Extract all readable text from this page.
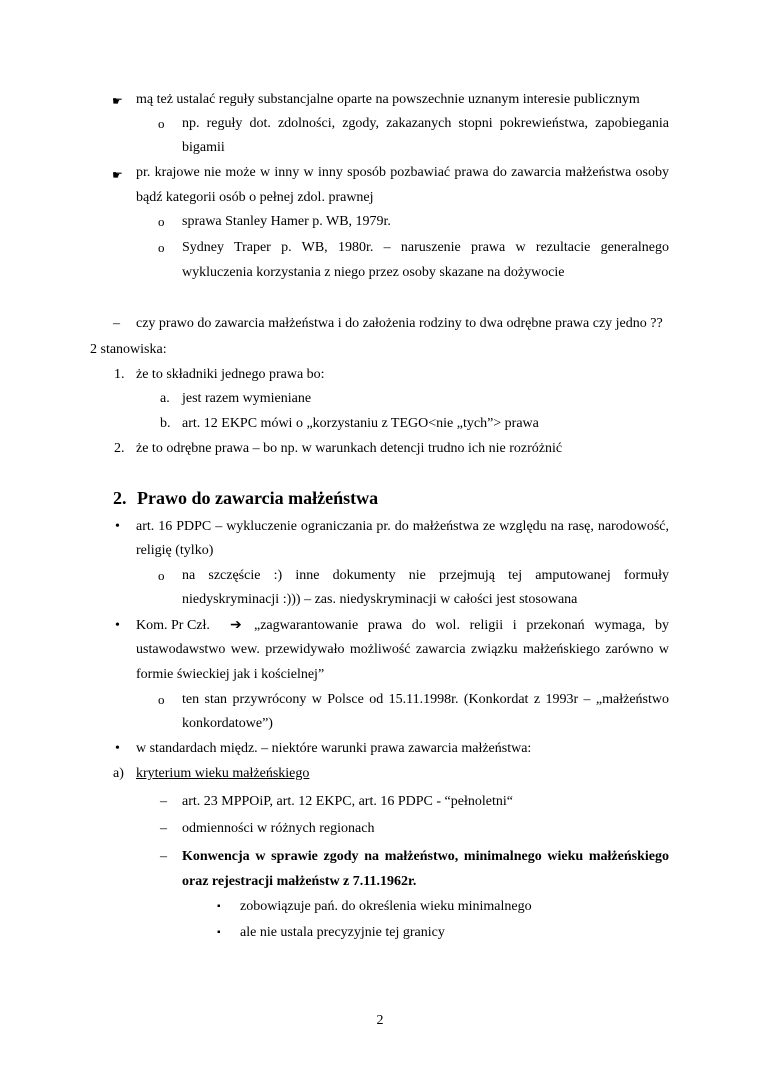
☛ mą też ustalać reguły substancjalne oparte na powszechnie uznanym interesie publicznym
o np. reguły dot. zdolności, zgody, zakazanych stopni pokrewieństwa, zapobiegania
bigamii
☛ pr. krajowe nie może w inny w inny sposób pozbawiać prawa do zawarcia małżeństwa osoby
bądź kategorii osób o pełnej zdol. prawnej
o sprawa Stanley Hamer p. WB, 1979r.
o Sydney Traper p. WB, 1980r. – naruszenie prawa w rezultacie generalnego
wykluczenia korzystania z niego przez osoby skazane na dożywocie
– czy prawo do zawarcia małżeństwa i do założenia rodziny to dwa odrębne prawa czy jedno ??
2 stanowiska:
1. że to składniki jednego prawa bo:
a. jest razem wymieniane
b. art. 12 EKPC mówi o „korzystaniu z TEGO<nie „tych”> prawa
2. że to odrębne prawa – bo np. w warunkach detencji trudno ich nie rozróżnić
2. Prawo do zawarcia małżeństwa
• art. 16 PDPC – wykluczenie ograniczania pr. do małżeństwa ze względu na rasę, narodowość,
religię (tylko)
o na szczęście :) inne dokumenty nie przejmują tej amputowanej formuły
niedyskryminacji :))) – zas. niedyskryminacji w całości jest stosowana
• Kom. Pr Czł. ➔ „zagwarantowanie prawa do wol. religii i przekonań wymaga, by
ustawodawstwo wew. przewidywało możliwość zawarcia związku małżeńskiego zarówno w
formie świeckiej jak i kościelnej”
o ten stan przywrócony w Polsce od 15.11.1998r. (Konkordat z 1993r – „małżeństwo
konkordatowe”)
• w standardach międz. – niektóre warunki prawa zawarcia małżeństwa:
a) kryterium wieku małżeńskiego
– art. 23 MPPOiP, art. 12 EKPC, art. 16 PDPC - “pełnoletni“
– odmienności w różnych regionach
– Konwencja w sprawie zgody na małżeństwo, minimalnego wieku małżeńskiego
oraz rejestracji małżeństw z 7.11.1962r.
▪ zobowiązuje pań. do określenia wieku minimalnego
▪ ale nie ustala precyzyjnie tej granicy
2
